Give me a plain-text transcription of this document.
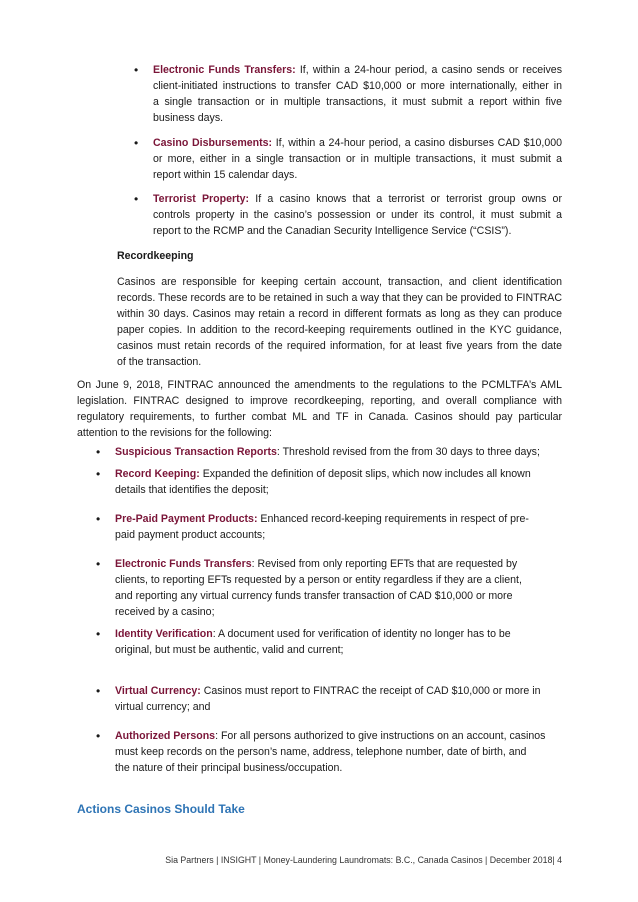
• Electronic Funds Transfers: If, within a 24-hour period, a casino sends or receives
client-initiated instructions to transfer CAD $10,000 or more internationally, either in
a single transaction or in multiple transactions, it must submit a report within five
business days.
• Casino Disbursements: If, within a 24-hour period, a casino disburses CAD $10,000
or more, either in a single transaction or in multiple transactions, it must submit a
report within 15 calendar days.
• Terrorist Property: If a casino knows that a terrorist or terrorist group owns or
controls property in the casino’s possession or under its control, it must submit a
report to the RCMP and the Canadian Security Intelligence Service (“CSIS”).
Recordkeeping
Casinos are responsible for keeping certain account, transaction, and client identification
records. These records are to be retained in such a way that they can be provided to FINTRAC
within 30 days. Casinos may retain a record in different formats as long as they can produce
paper copies. In addition to the record-keeping requirements outlined in the KYC guidance,
casinos must retain records of the required information, for at least five years from the date
of the transaction.
On June 9, 2018, FINTRAC announced the amendments to the regulations to the PCMLTFA’s AML
legislation. FINTRAC designed to improve recordkeeping, reporting, and overall compliance with
regulatory requirements, to further combat ML and TF in Canada. Casinos should pay particular
attention to the revisions for the following:
• Suspicious Transaction Reports: Threshold revised from the from 30 days to three days;
• Record Keeping: Expanded the definition of deposit slips, which now includes all known
details that identifies the deposit;
• Pre-Paid Payment Products: Enhanced record-keeping requirements in respect of pre-
paid payment product accounts;
• Electronic Funds Transfers: Revised from only reporting EFTs that are requested by
clients, to reporting EFTs requested by a person or entity regardless if they are a client,
and reporting any virtual currency funds transfer transaction of CAD $10,000 or more
received by a casino;
• Identity Verification: A document used for verification of identity no longer has to be
original, but must be authentic, valid and current;
• Virtual Currency: Casinos must report to FINTRAC the receipt of CAD $10,000 or more in
virtual currency; and
• Authorized Persons: For all persons authorized to give instructions on an account, casinos
must keep records on the person’s name, address, telephone number, date of birth, and
the nature of their principal business/occupation.
Actions Casinos Should Take
Sia Partners | INSIGHT | Money-Laundering Laundromats: B.C., Canada Casinos | December 2018| 4
